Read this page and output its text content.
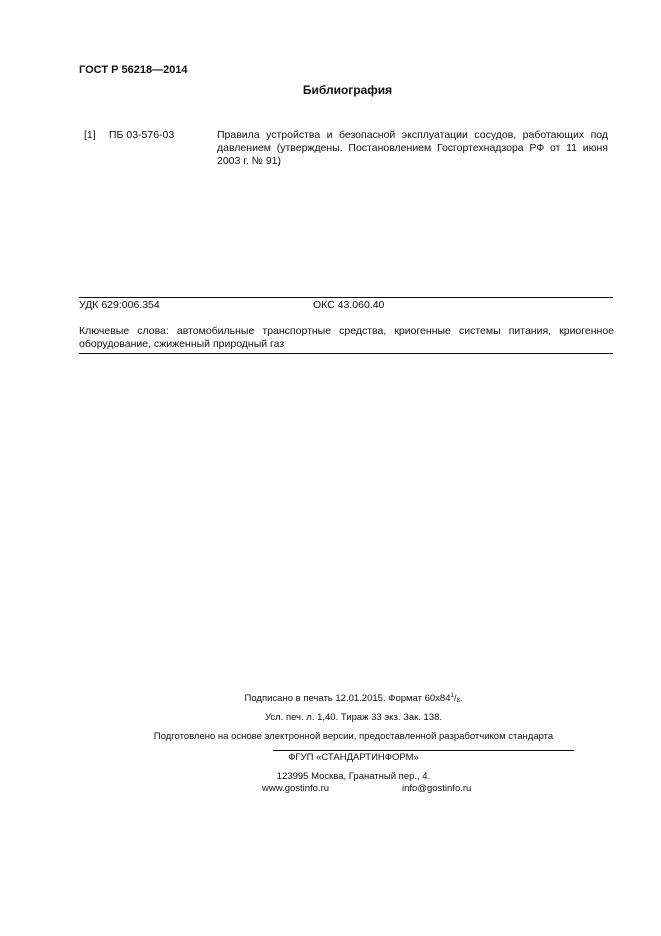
ГОСТ Р 56218—2014
Библиография
[1] ПБ 03-576-03	Правила устройства и безопасной эксплуатации сосудов, работающих под давлением (утверждены. Постановлением Госгортехнадзора РФ от 11 июня 2003 г. № 91)
УДК 629:006.354	ОКС 43.060.40
Ключевые слова: автомобильные транспортные средства, криогенные системы питания, криогенное оборудование, сжиженный природный газ
Подписано в печать 12.01.2015. Формат $60х84^1/_8$.
Усл. печ. л. 1,40. Тираж 33 экз. Зак. 138.
Подготовлено на основе электронной версии, предоставленной разработчиком стандарта
ФГУП «СТАНДАРТИНФОРМ»
123995 Москва, Гранатный пер., 4.
www.gostinfo.ru	info@gostinfo.ru
